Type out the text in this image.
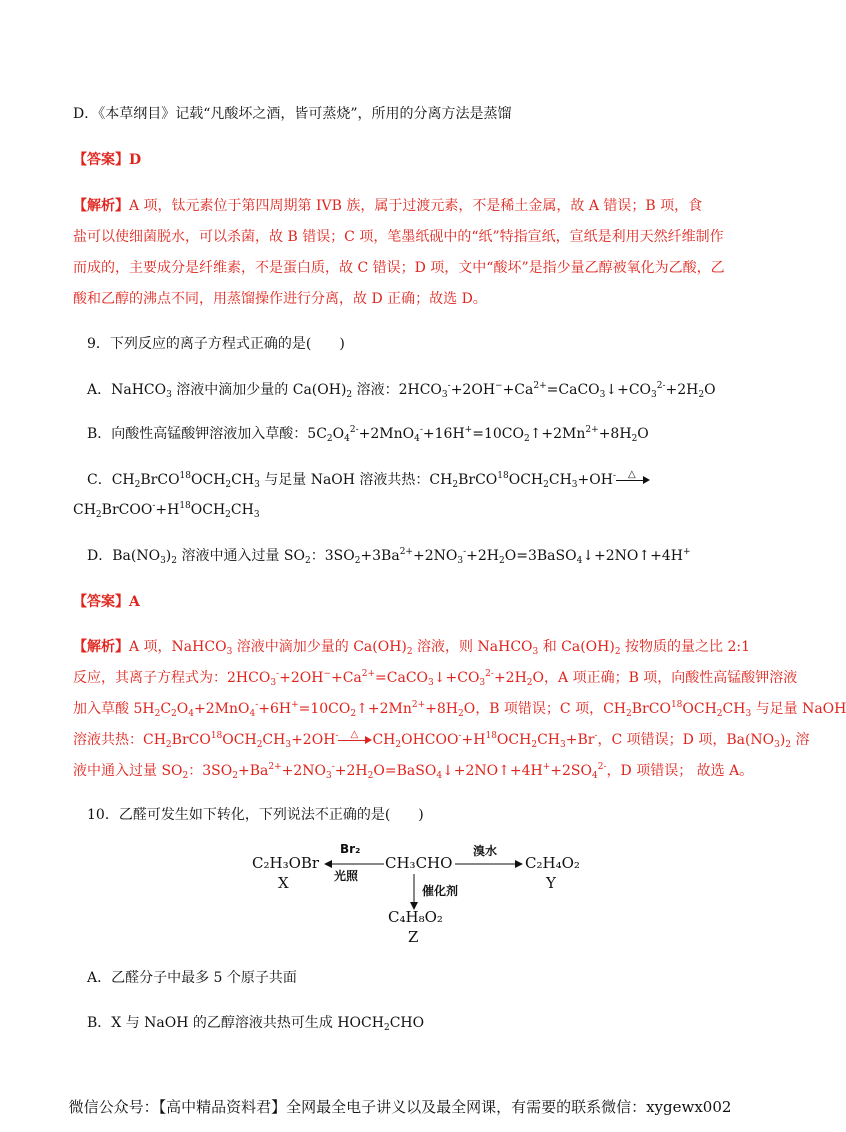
D．《本草纲目》记载“凡酸坏之酒，皆可蒸烧”，所用的分离方法是蒸馏
【答案】D
【解析】A 项，钛元素位于第四周期第 IVB 族，属于过渡元素，不是稀土金属，故 A 错误；B 项，食
盐可以使细菌脱水，可以杀菌，故 B 错误；C 项，笔墨纸砚中的“纸”特指宣纸，宣纸是利用天然纤维制作
而成的，主要成分是纤维素，不是蛋白质，故 C 错误；D 项，文中“酸坏”是指少量乙醇被氧化为乙酸，乙
酸和乙醇的沸点不同，用蒸馏操作进行分离，故 D 正确；故选 D。
9．下列反应的离子方程式正确的是(　　)
A．NaHCO$_3$ 溶液中滴加少量的 $Ca(OH)_2$ 溶液：$2HCO_3^-+2OH^-+Ca^{2+}=CaCO_3↓+CO_3^{2-}+2H_2O$
B．向酸性高锰酸钾溶液加入草酸：$5C_2O_4^{2-}+2MnO_4^-+16H^+=10CO_2↑+2Mn^{2+}+8H_2O$
C．$CH_2BrCO^{18}OCH_2CH_3$ 与足量 NaOH 溶液共热：$CH_2BrCO^{18}OCH_2CH_3+OH^-$ △
$CH_2BrCOO^-+H^{18}OCH_2CH_3$
D．$Ba(NO_3)_2$ 溶液中通入过量 $SO_2$：$3SO_2+3Ba^{2+}+2NO_3^-+2H_2O=3BaSO_4↓+2NO↑+4H^+$
【答案】A
【解析】A 项，NaHCO$_3$ 溶液中滴加少量的 $Ca(OH)_2$ 溶液，则 NaHCO$_3$ 和 $Ca(OH)_2$ 按物质的量之比 2:1
反应，其离子方程式为：$2HCO_3^-+2OH^-+Ca^{2+}=CaCO_3↓+CO_3^{2-}+2H_2O$，A 项正确；B 项，向酸性高锰酸钾溶液
加入草酸 $5H_2C_2O_4+2MnO_4^-+6H^+=10CO_2↑+2Mn^{2+}+8H_2O$，B 项错误；C 项，$CH_2BrCO^{18}OCH_2CH_3$ 与足量 NaOH
溶液共热：$CH_2BrCO^{18}OCH_2CH_3+2OH^-$ △ $CH_2OHCOO^-+H^{18}OCH_2CH_3+Br^-$，C 项错误；D 项，$Ba(NO_3)_2$ 溶
液中通入过量 $SO_2$：$3SO_2+Ba^{2+}+2NO_3^-+2H_2O=BaSO_4↓+2NO↑+4H^++2SO_4^{2-}$，D 项错误； 故选 A。
10．乙醛可发生如下转化，下列说法不正确的是(　　)
C₂H₃OBr
X
Br₂
光照
CH₃CHO
溴水
C₂H₄O₂
Y
催化剂
C₄H₈O₂
Z
A．乙醛分子中最多 5 个原子共面
B．X 与 NaOH 的乙醇溶液共热可生成 $HOCH_2CHO$
微信公众号：【高中精品资料君】全网最全电子讲义以及最全网课，有需要的联系微信：xygewx002
